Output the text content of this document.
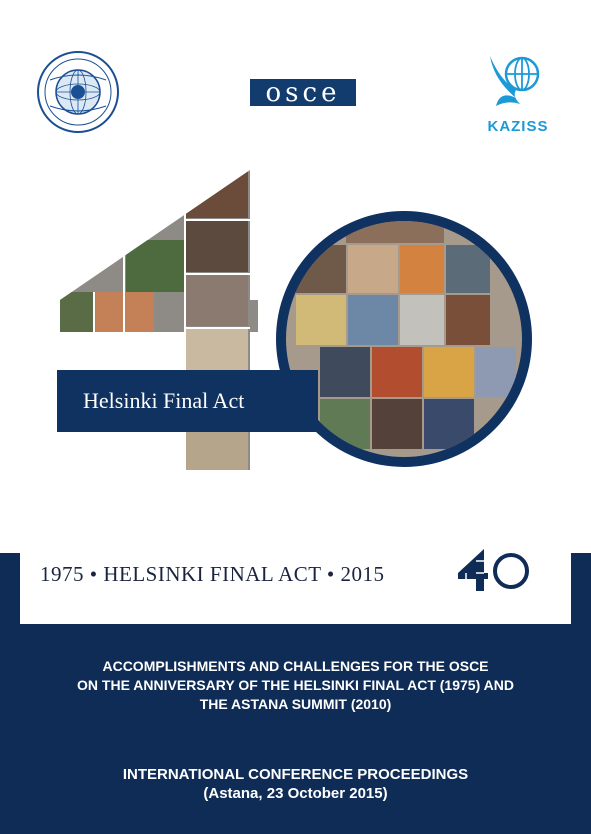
osce
KAZISS
Helsinki Final Act
1975 • HELSINKI FINAL ACT • 2015
ACCOMPLISHMENTS AND CHALLENGES FOR THE OSCE
ON THE ANNIVERSARY OF THE HELSINKI FINAL ACT (1975) AND
THE ASTANA SUMMIT (2010)
INTERNATIONAL CONFERENCE PROCEEDINGS
(Astana, 23 October 2015)
